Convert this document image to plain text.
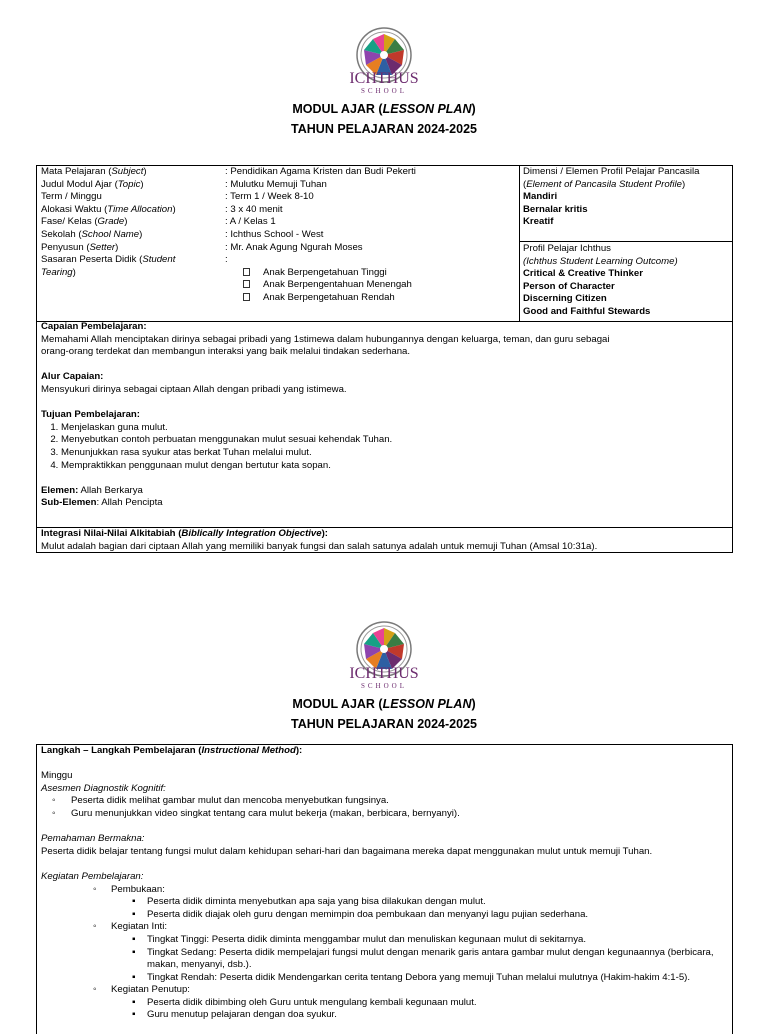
ICHTHUS
SCHOOL
MODUL AJAR (LESSON PLAN)
TAHUN PELAJARAN 2024-2025
Mata Pelajaran (Subject)
Judul Modul Ajar (Topic)
Term / Minggu
Alokasi Waktu (Time Allocation)
Fase/ Kelas (Grade)
Sekolah (School Name)
Penyusun (Setter)
Sasaran Peserta Didik (Student
Tearing)
: Pendidikan Agama Kristen dan Budi Pekerti
: Mulutku Memuji Tuhan
: Term 1 / Week 8-10
: 3 x 40 menit
: A / Kelas 1
: Ichthus School - West
: Mr. Anak Agung Ngurah Moses
:
Anak Berpengetahuan Tinggi
Anak Berpengentahuan Menengah
Anak Berpengetahuan Rendah
Dimensi / Elemen Profil Pelajar Pancasila
(Element of Pancasila Student Profile)
Mandiri
Bernalar kritis
Kreatif
Profil Pelajar Ichthus
(Ichthus Student Learning Outcome)
Critical & Creative Thinker
Person of Character
Discerning Citizen
Good and Faithful Stewards
Capaian Pembelajaran:
Memahami Allah menciptakan dirinya sebagai pribadi yang 1stimewa dalam hubungannya dengan keluarga, teman, dan guru sebagai
orang-orang terdekat dan membangun interaksi yang baik melalui tindakan sederhana.
Alur Capaian:
Mensyukuri dirinya sebagai ciptaan Allah dengan pribadi yang istimewa.
Tujuan Pembelajaran:
1. Menjelaskan guna mulut.
2. Menyebutkan contoh perbuatan menggunakan mulut sesuai kehendak Tuhan.
3. Menunjukkan rasa syukur atas berkat Tuhan melalui mulut.
4. Mempraktikkan penggunaan mulut dengan bertutur kata sopan.
Elemen: Allah Berkarya
Sub-Elemen: Allah Pencipta
Integrasi Nilai-Nilai Alkitabiah (Biblically Integration Objective):
Mulut adalah bagian dari ciptaan Allah yang memiliki banyak fungsi dan salah satunya adalah untuk memuji Tuhan (Amsal 10:31a).
ICHTHUS
SCHOOL
MODUL AJAR (LESSON PLAN)
TAHUN PELAJARAN 2024-2025
Langkah – Langkah Pembelajaran (Instructional Method):
Minggu
Asesmen Diagnostik Kognitif:
◦ Peserta didik melihat gambar mulut dan mencoba menyebutkan fungsinya.
◦ Guru menunjukkan video singkat tentang cara mulut bekerja (makan, berbicara, bernyanyi).
Pemahaman Bermakna:
Peserta didik belajar tentang fungsi mulut dalam kehidupan sehari-hari dan bagaimana mereka dapat menggunakan mulut untuk memuji Tuhan.
Kegiatan Pembelajaran:
◦ Pembukaan:
▪ Peserta didik diminta menyebutkan apa saja yang bisa dilakukan dengan mulut.
▪ Peserta didik diajak oleh guru dengan memimpin doa pembukaan dan menyanyi lagu pujian sederhana.
◦ Kegiatan Inti:
▪ Tingkat Tinggi: Peserta didik diminta menggambar mulut dan menuliskan kegunaan mulut di sekitarnya.
▪ Tingkat Sedang: Peserta didik mempelajari fungsi mulut dengan menarik garis antara gambar mulut dengan kegunaannya (berbicara, makan, menyanyi, dsb.).
▪ Tingkat Rendah: Peserta didik Mendengarkan cerita tentang Debora yang memuji Tuhan melalui mulutnya (Hakim-hakim 4:1-5).
◦ Kegiatan Penutup:
▪ Peserta didik dibimbing oleh Guru untuk mengulang kembali kegunaan mulut.
▪ Guru menutup pelajaran dengan doa syukur.
